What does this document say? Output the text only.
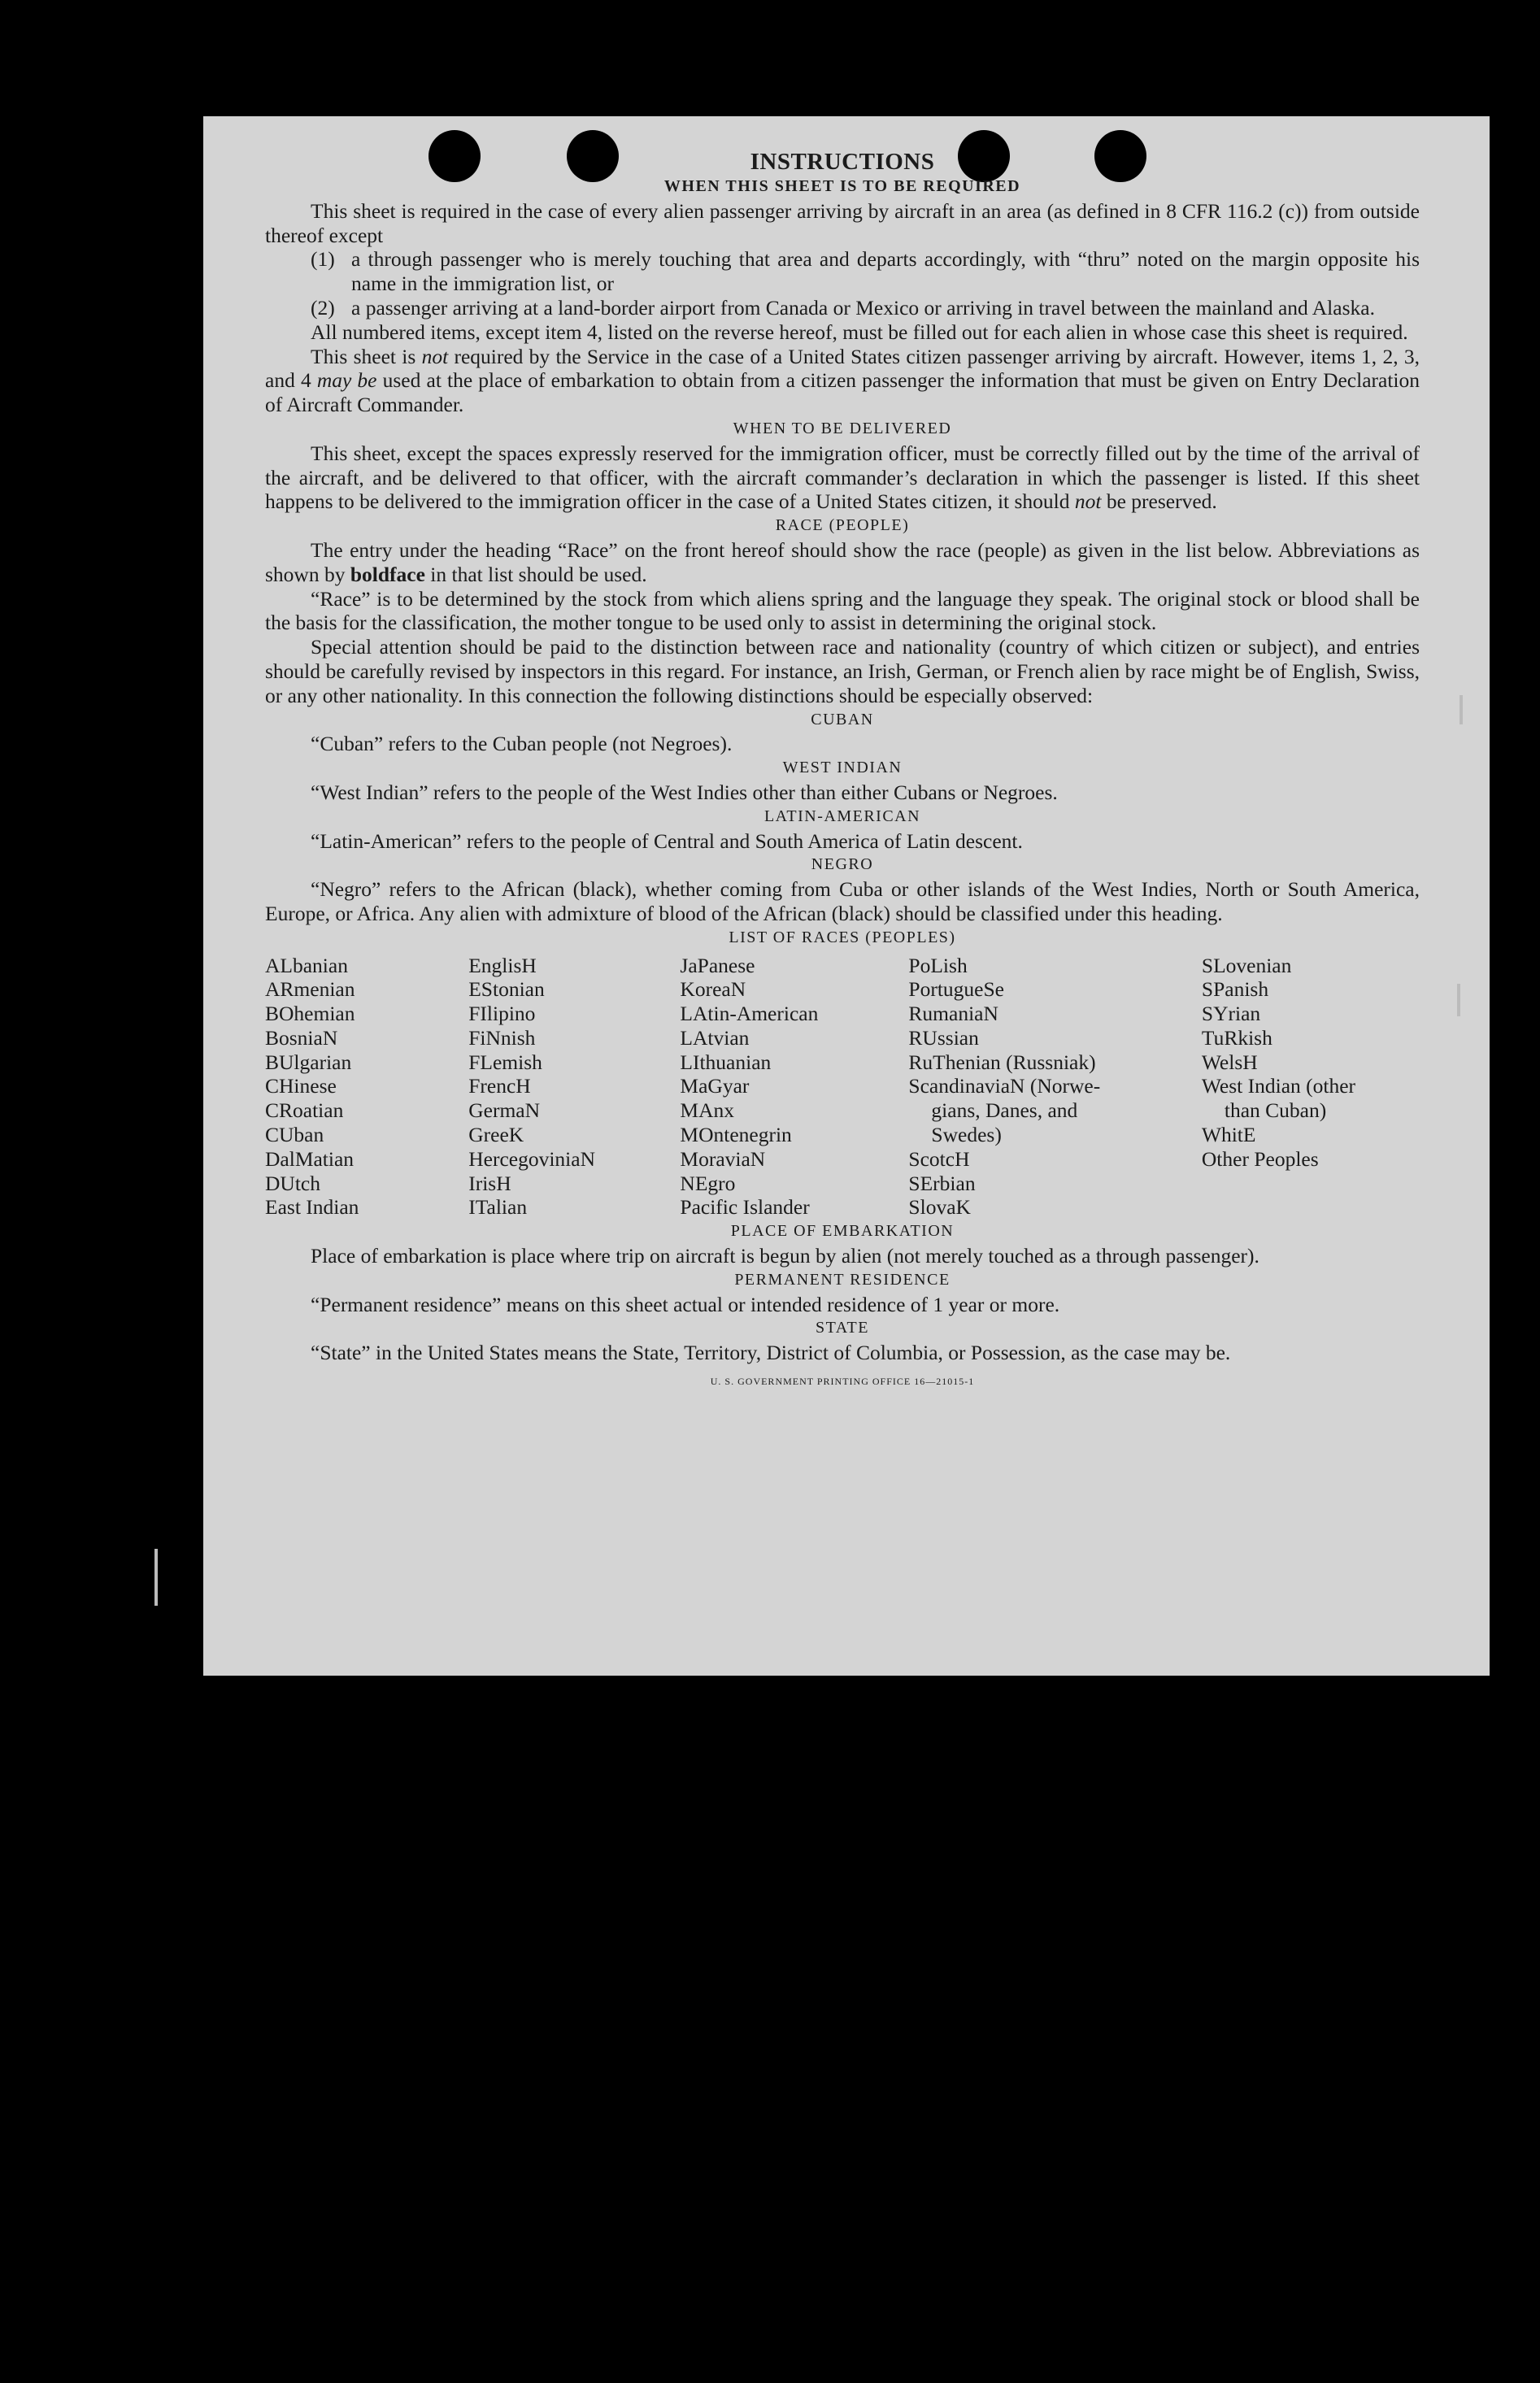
INSTRUCTIONS
WHEN THIS SHEET IS TO BE REQUIRED

This sheet is required in the case of every alien passenger arriving by aircraft in an area (as defined in 8 CFR 116.2 (c)) from outside thereof except

(1) a through passenger who is merely touching that area and departs accordingly, with “thru” noted on the margin opposite his name in the immigration list, or
(2) a passenger arriving at a land-border airport from Canada or Mexico or arriving in travel between the mainland and Alaska.

All numbered items, except item 4, listed on the reverse hereof, must be filled out for each alien in whose case this sheet is required.

This sheet is not required by the Service in the case of a United States citizen passenger arriving by aircraft. However, items 1, 2, 3, and 4 may be used at the place of embarkation to obtain from a citizen passenger the information that must be given on Entry Declaration of Aircraft Commander.

WHEN TO BE DELIVERED

This sheet, except the spaces expressly reserved for the immigration officer, must be correctly filled out by the time of the arrival of the aircraft, and be delivered to that officer, with the aircraft commander’s declaration in which the passenger is listed. If this sheet happens to be delivered to the immigration officer in the case of a United States citizen, it should not be preserved.

RACE (PEOPLE)

The entry under the heading “Race” on the front hereof should show the race (people) as given in the list below. Abbreviations as shown by boldface in that list should be used.

“Race” is to be determined by the stock from which aliens spring and the language they speak. The original stock or blood shall be the basis for the classification, the mother tongue to be used only to assist in determining the original stock.

Special attention should be paid to the distinction between race and nationality (country of which citizen or subject), and entries should be carefully revised by inspectors in this regard. For instance, an Irish, German, or French alien by race might be of English, Swiss, or any other nationality. In this connection the following distinctions should be especially observed:

CUBAN

“Cuban” refers to the Cuban people (not Negroes).

WEST INDIAN

“West Indian” refers to the people of the West Indies other than either Cubans or Negroes.

LATIN-AMERICAN

“Latin-American” refers to the people of Central and South America of Latin descent.

NEGRO

“Negro” refers to the African (black), whether coming from Cuba or other islands of the West Indies, North or South America, Europe, or Africa. Any alien with admixture of blood of the African (black) should be classified under this heading.

LIST OF RACES (PEOPLES)
ALbanian
ARmenian
BOhemian
BosniaN
BUlgarian
CHinese
CRoatian
CUban
DalMatian
DUtch
East Indian
EnglisH
EStonian
FIlipino
FiNnish
FLemish
FrencH
GermaN
GreeK
HercegoviniaN
IrisH
ITalian
JaPanese
KoreaN
LAtin-American
LAtvian
LIthuanian
MaGyar
MAnx
MOntenegrin
MoraviaN
NEgro
Pacific Islander
PoLish
PortugueSe
RumaniaN
RUssian
RuThenian (Russniak)
ScandinaviaN (Norwe-
gians, Danes, and
Swedes)
ScotcH
SErbian
SlovaK
SLovenian
SPanish
SYrian
TuRkish
WelsH
West Indian (other
than Cuban)
WhitE
Other Peoples
PLACE OF EMBARKATION

Place of embarkation is place where trip on aircraft is begun by alien (not merely touched as a through passenger).

PERMANENT RESIDENCE

“Permanent residence” means on this sheet actual or intended residence of 1 year or more.

STATE

“State” in the United States means the State, Territory, District of Columbia, or Possession, as the case may be.

U. S. GOVERNMENT PRINTING OFFICE 16—21015-1
